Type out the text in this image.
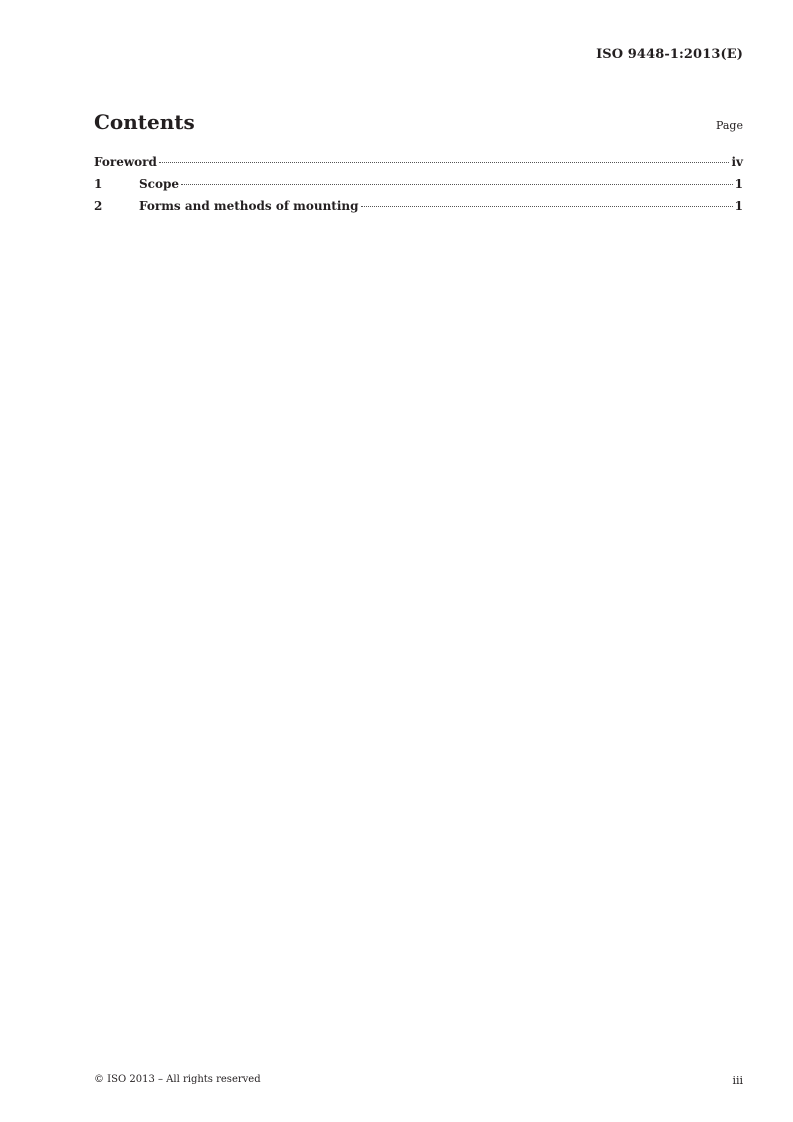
ISO 9448-1:2013(E)
Contents	Page
Foreword	iv
1	Scope	1
2	Forms and methods of mounting	1
© ISO 2013 – All rights reserved	iii
